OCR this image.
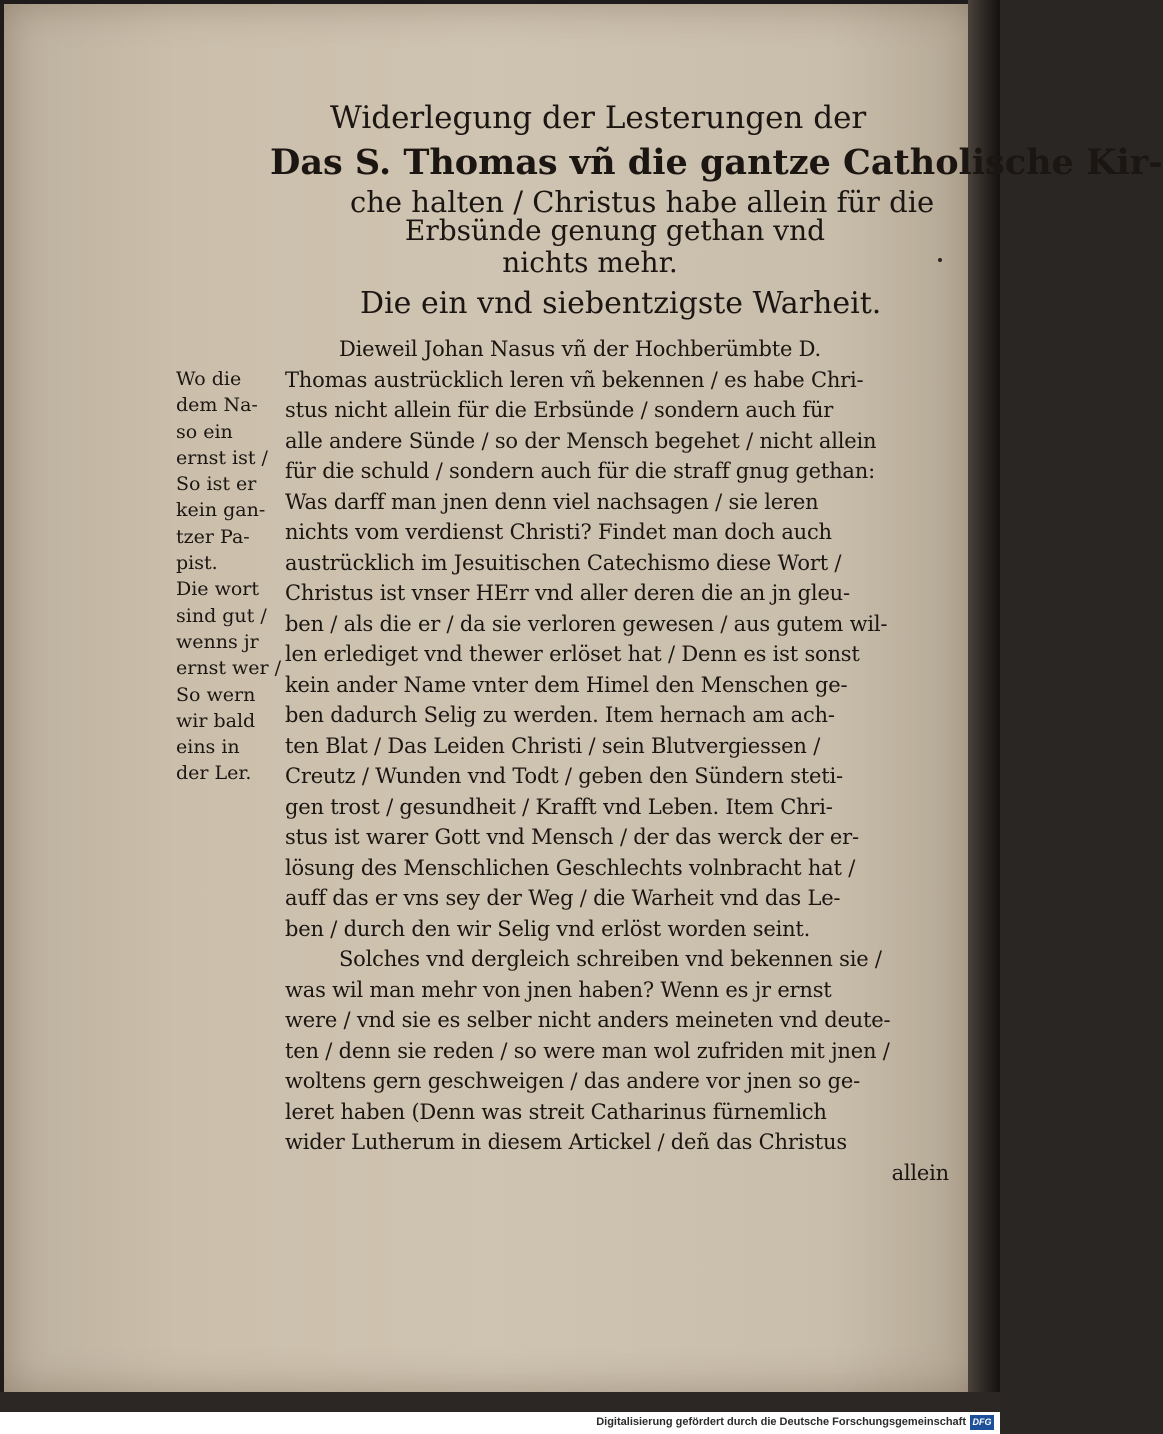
Widerlegung der Lesterungen der
Das S. Thomas vñ die gantze Catholische Kir-
che halten / Christus habe allein für die
Erbsünde genung gethan vnd
nichts mehr.
Die ein vnd siebentzigste Warheit.
Dieweil Johan Nasus vñ der Hochberümbte D.
Thomas austrücklich leren vñ bekennen / es habe Chri-
stus nicht allein für die Erbsünde / sondern auch für
alle andere Sünde / so der Mensch begehet / nicht allein
für die schuld / sondern auch für die straff gnug gethan:
Was darff man jnen denn viel nachsagen / sie leren
nichts vom verdienst Christi? Findet man doch auch
austrücklich im Jesuitischen Catechismo diese Wort /
Christus ist vnser HErr vnd aller deren die an jn gleu-
ben / als die er / da sie verloren gewesen / aus gutem wil-
len erlediget vnd thewer erlöset hat / Denn es ist sonst
kein ander Name vnter dem Himel den Menschen ge-
ben dadurch Selig zu werden. Item hernach am ach-
ten Blat / Das Leiden Christi / sein Blutvergiessen /
Creutz / Wunden vnd Todt / geben den Sündern steti-
gen trost / gesundheit / Krafft vnd Leben. Item Chri-
stus ist warer Gott vnd Mensch / der das werck der er-
lösung des Menschlichen Geschlechts volnbracht hat /
auff das er vns sey der Weg / die Warheit vnd das Le-
ben / durch den wir Selig vnd erlöst worden seint.
Solches vnd dergleich schreiben vnd bekennen sie /
was wil man mehr von jnen haben? Wenn es jr ernst
were / vnd sie es selber nicht anders meineten vnd deute-
ten / denn sie reden / so were man wol zufriden mit jnen /
woltens gern geschweigen / das andere vor jnen so ge-
leret haben (Denn was streit Catharinus fürnemlich
wider Lutherum in diesem Artickel / deñ das Christus
allein
Wo die
dem Na-
so ein
ernst ist /
So ist er
kein gan-
tzer Pa-
pist.
Die wort
sind gut /
wenns jr
ernst wer /
So wern
wir bald
eins in
der Ler.
Digitalisierung gefördert durch die Deutsche Forschungsgemeinschaft DFG
